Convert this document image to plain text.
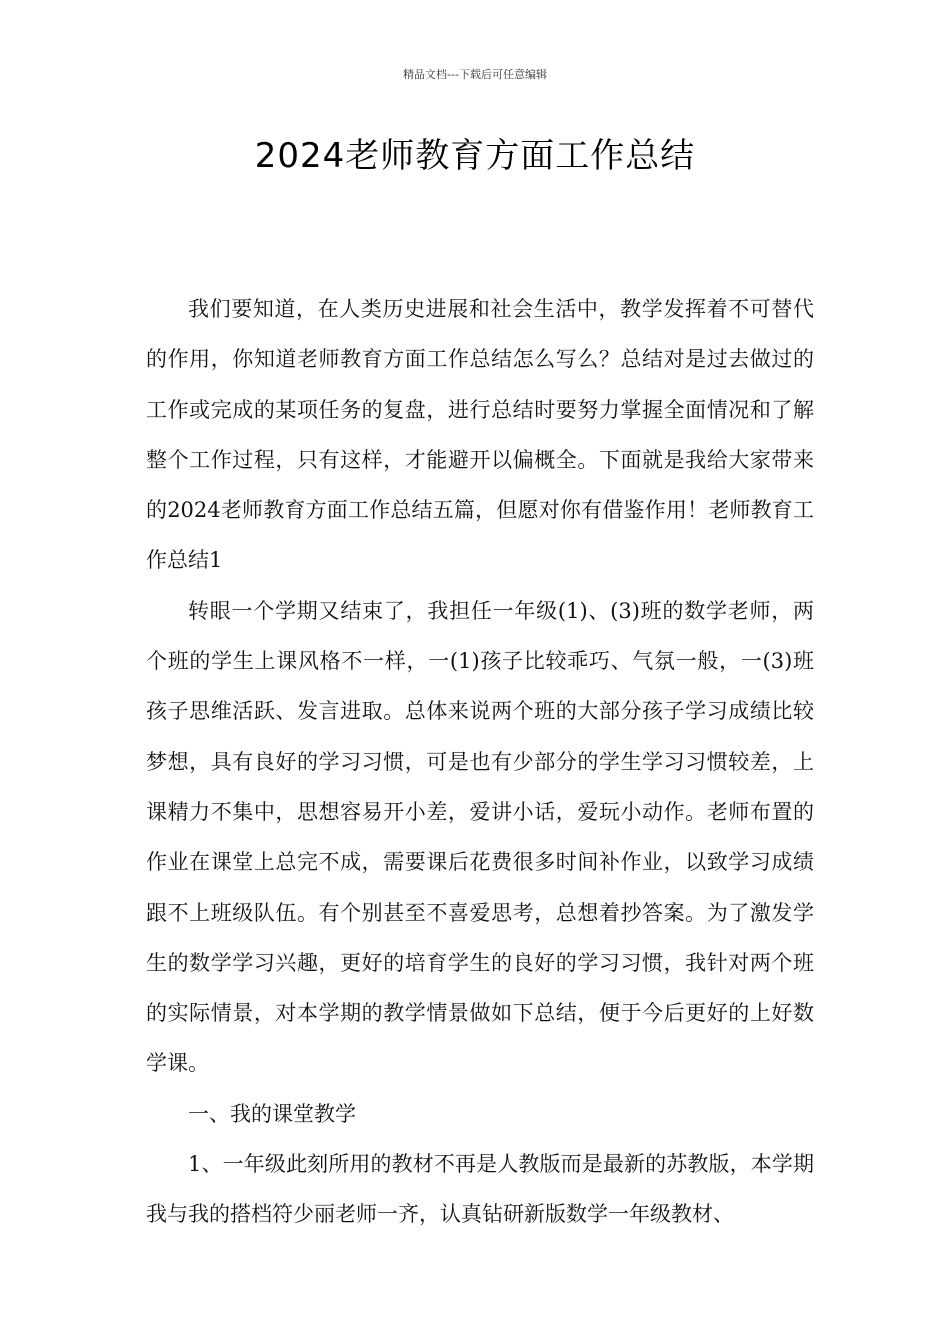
精品文档---下载后可任意编辑
2024老师教育方面工作总结

我们要知道，在人类历史进展和社会生活中，教学发挥着不可替代的作用，你知道老师教育方面工作总结怎么写么？总结对是过去做过的工作或完成的某项任务的复盘，进行总结时要努力掌握全面情况和了解整个工作过程，只有这样，才能避开以偏概全。下面就是我给大家带来的2024老师教育方面工作总结五篇，但愿对你有借鉴作用！老师教育工作总结1

转眼一个学期又结束了，我担任一年级(1)、(3)班的数学老师，两个班的学生上课风格不一样，一(1)孩子比较乖巧、气氛一般，一(3)班孩子思维活跃、发言进取。总体来说两个班的大部分孩子学习成绩比较梦想，具有良好的学习习惯，可是也有少部分的学生学习习惯较差，上课精力不集中，思想容易开小差，爱讲小话，爱玩小动作。老师布置的作业在课堂上总完不成，需要课后花费很多时间补作业，以致学习成绩跟不上班级队伍。有个别甚至不喜爱思考，总想着抄答案。为了激发学生的数学学习兴趣，更好的培育学生的良好的学习习惯，我针对两个班的实际情景，对本学期的教学情景做如下总结，便于今后更好的上好数学课。

一、我的课堂教学

1、一年级此刻所用的教材不再是人教版而是最新的苏教版，本学期我与我的搭档符少丽老师一齐，认真钻研新版数学一年级教材、
